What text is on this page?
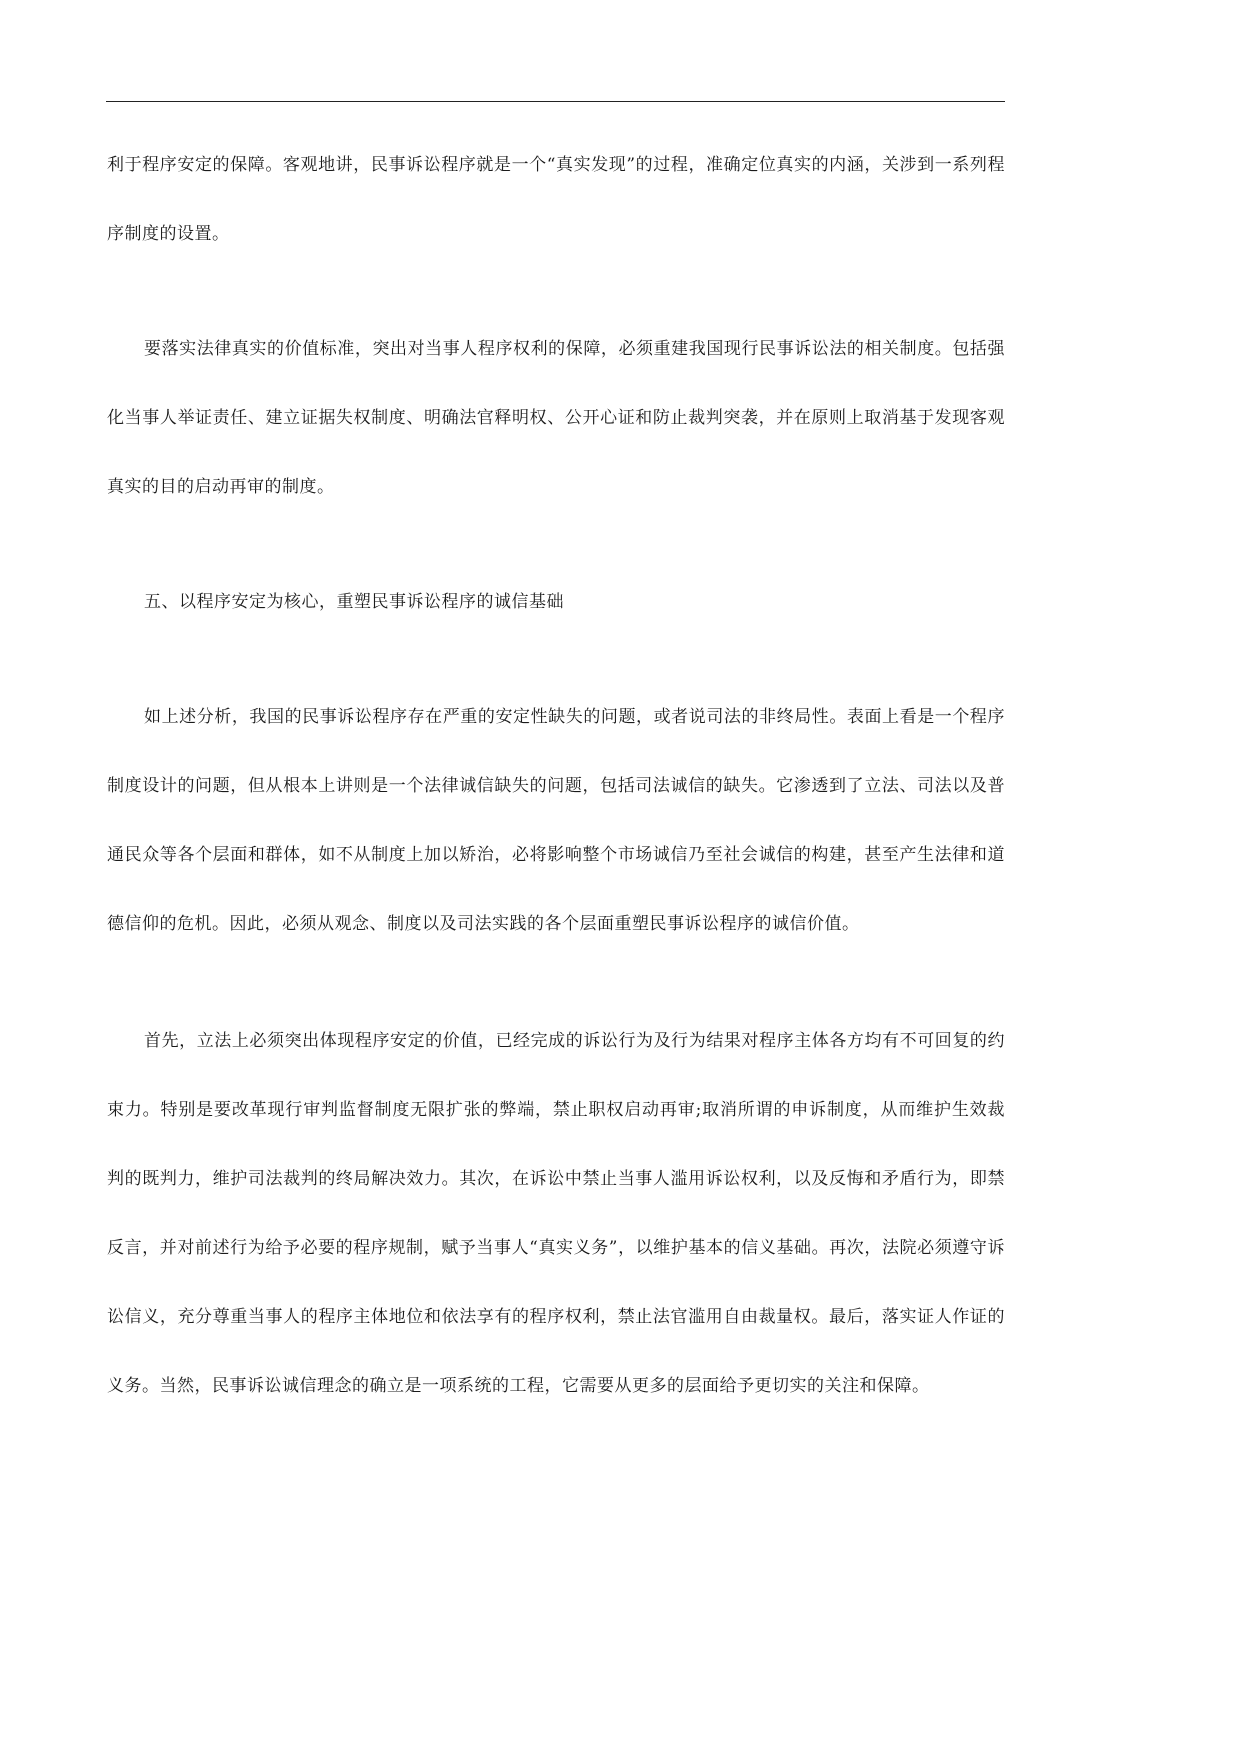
利于程序安定的保障。客观地讲，民事诉讼程序就是一个“真实发现”的过程，准确定位真实的内涵，关涉到一系列程序制度的设置。

要落实法律真实的价值标准，突出对当事人程序权利的保障，必须重建我国现行民事诉讼法的相关制度。包括强化当事人举证责任、建立证据失权制度、明确法官释明权、公开心证和防止裁判突袭，并在原则上取消基于发现客观真实的目的启动再审的制度。

五、以程序安定为核心，重塑民事诉讼程序的诚信基础

如上述分析，我国的民事诉讼程序存在严重的安定性缺失的问题，或者说司法的非终局性。表面上看是一个程序制度设计的问题，但从根本上讲则是一个法律诚信缺失的问题，包括司法诚信的缺失。它渗透到了立法、司法以及普通民众等各个层面和群体，如不从制度上加以矫治，必将影响整个市场诚信乃至社会诚信的构建，甚至产生法律和道德信仰的危机。因此，必须从观念、制度以及司法实践的各个层面重塑民事诉讼程序的诚信价值。

首先，立法上必须突出体现程序安定的价值，已经完成的诉讼行为及行为结果对程序主体各方均有不可回复的约束力。特别是要改革现行审判监督制度无限扩张的弊端，禁止职权启动再审;取消所谓的申诉制度，从而维护生效裁判的既判力，维护司法裁判的终局解决效力。其次，在诉讼中禁止当事人滥用诉讼权利，以及反悔和矛盾行为，即禁反言，并对前述行为给予必要的程序规制，赋予当事人“真实义务”，以维护基本的信义基础。再次，法院必须遵守诉讼信义，充分尊重当事人的程序主体地位和依法享有的程序权利，禁止法官滥用自由裁量权。最后，落实证人作证的义务。当然，民事诉讼诚信理念的确立是一项系统的工程，它需要从更多的层面给予更切实的关注和保障。
